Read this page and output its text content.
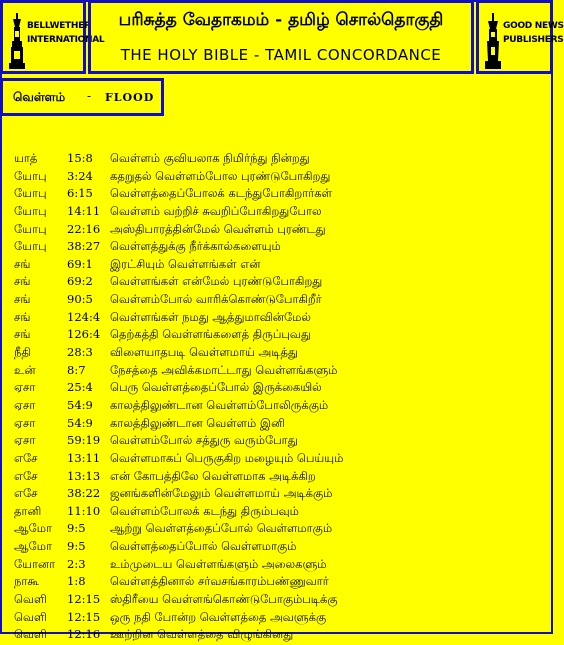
BELLWETHER
INTERNATIONAL
பரிசுத்த வேதாகமம் - தமிழ் சொல்தொகுதி
THE HOLY BIBLE - TAMIL CONCORDANCE
GOOD NEWS
PUBLISHERS
வெள்ளம் - FLOOD
யாத்	15:8	வெள்ளம் குவியலாக நிமிர்ந்து நின்றது
யோபு	3:24	கதறுதல் வெள்ளம்போல புரண்டுபோகிறது
யோபு	6:15	வெள்ளத்தைப்போலக் கடந்துபோகிறார்கள்
யோபு	14:11 வெள்ளம் வற்றிச் சுவறிப்போகிறதுபோல
யோபு	22:16 அஸ்திபாரத்தின்மேல் வெள்ளம் புரண்டது
யோபு	38:27 வெள்ளத்துக்கு நீர்க்கால்களையும்
சங்	69:1	இரட்சியும் வெள்ளங்கள் என்
சங்	69:2	வெள்ளங்கள் என்மேல் புரண்டுபோகிறது
சங்	90:5	வெள்ளம்போல் வாரிக்கொண்டுபோகிறீர்
சங்	124:4 வெள்ளங்கள் நமது ஆத்துமாவின்மேல்
சங்	126:4 தெற்கத்தி வெள்ளங்களைத் திருப்புவது
நீதி	28:3	விளையாதபடி வெள்ளமாய் அடித்து
உன்	8:7	நேசத்தை அவிக்கமாட்டாது வெள்ளங்களும்
ஏசா	25:4	பெரு வெள்ளத்தைப்போல் இருக்கையில்
ஏசா	54:9	காலத்திலுண்டான வெள்ளம்போலிருக்கும்
ஏசா	54:9	காலத்திலுண்டான வெள்ளம் இனி
ஏசா	59:19 வெள்ளம்போல் சத்துரு வரும்போது
எசே	13:11 வெள்ளமாகப் பெருகுகிற மழையும் பெய்யும்
எசே	13:13 என் கோபத்திலே வெள்ளமாக அடிக்கிற
எசே	38:22 ஜனங்களின்மேலும் வெள்ளமாய் அடிக்கும்
தானி	11:10 வெள்ளம்போலக் கடந்து திரும்பவும்
ஆமோ	9:5	ஆற்று வெள்ளத்தைப்போல் வெள்ளமாகும்
ஆமோ	9:5	வெள்ளத்தைப்போல் வெள்ளமாகும்
யோனா	2:3	உம்முடைய வெள்ளங்களும் அலைகளும்
நாகூ	1:8	வெள்ளத்தினால் சர்வசங்காரம்பண்ணுவார்
வெளி	12:15 ஸ்திரீயை வெள்ளங்கொண்டுபோகும்படிக்கு
வெளி	12:15 ஒரு நதி போன்ற வெள்ளத்தை அவளுக்கு
வெளி	12:16 ஊற்றின வெள்ளத்தை விழுங்கினது
